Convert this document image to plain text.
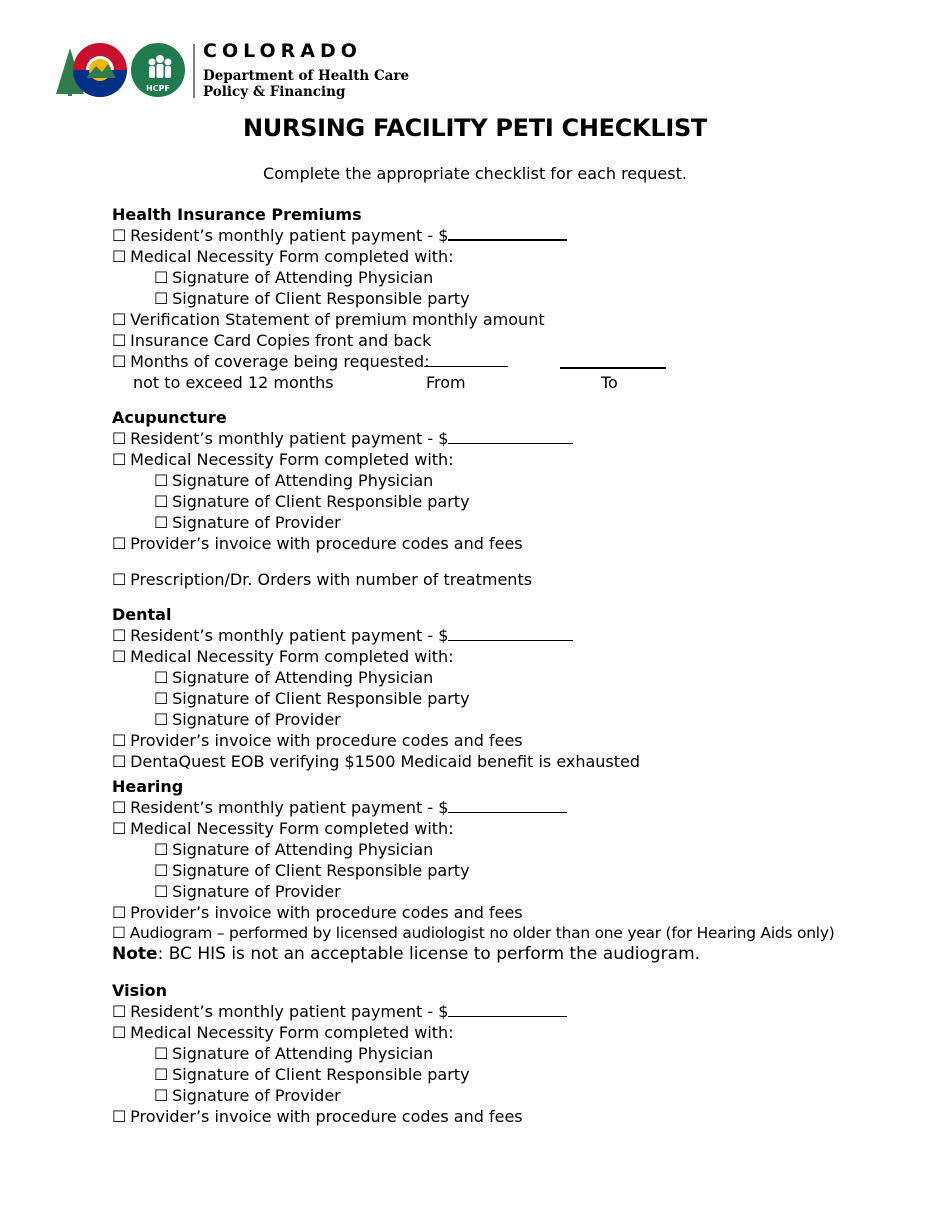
HCPF
COLORADO
Department of Health Care
Policy & Financing
NURSING FACILITY PETI CHECKLIST
Complete the appropriate checklist for each request.
Health Insurance Premiums
☐ Resident’s monthly patient payment - $
☐ Medical Necessity Form completed with:
☐ Signature of Attending Physician
☐ Signature of Client Responsible party
☐ Verification Statement of premium monthly amount
☐ Insurance Card Copies front and back
☐ Months of coverage being requested:
not to exceed 12 months	From	To
Acupuncture
☐ Resident’s monthly patient payment - $
☐ Medical Necessity Form completed with:
☐ Signature of Attending Physician
☐ Signature of Client Responsible party
☐ Signature of Provider
☐ Provider’s invoice with procedure codes and fees
☐ Prescription/Dr. Orders with number of treatments
Dental
☐ Resident’s monthly patient payment - $
☐ Medical Necessity Form completed with:
☐ Signature of Attending Physician
☐ Signature of Client Responsible party
☐ Signature of Provider
☐ Provider’s invoice with procedure codes and fees
☐ DentaQuest EOB verifying $1500 Medicaid benefit is exhausted
Hearing
☐ Resident’s monthly patient payment - $
☐ Medical Necessity Form completed with:
☐ Signature of Attending Physician
☐ Signature of Client Responsible party
☐ Signature of Provider
☐ Provider’s invoice with procedure codes and fees
☐ Audiogram – performed by licensed audiologist no older than one year (for Hearing Aids only)
Note: BC HIS is not an acceptable license to perform the audiogram.
Vision
☐ Resident’s monthly patient payment - $
☐ Medical Necessity Form completed with:
☐ Signature of Attending Physician
☐ Signature of Client Responsible party
☐ Signature of Provider
☐ Provider’s invoice with procedure codes and fees
